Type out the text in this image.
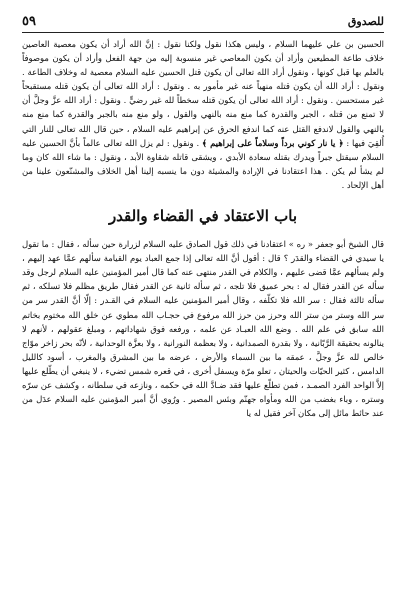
للصدوق
٥٩

الحسين بن علي عليهما السلام ، وليس هكذا نقول ولكنا نقول : إنَّ الله أراد أن يكون معصية العاصين خلاف طاعة المطيعين وأراد أن يكون المعاصي غير منسوبة إليه من جهة الفعل وأراد أن يكون موصوفاً بالعلم بها قبل كونها ، ونقول أراد الله تعالى أن يكون قتل الحسين عليه السلام معصية له وخلاف الطاعة . ونقول : أراد الله أن يكون قتله منهياً عنه غير مأمور به . ونقول : أراد الله تعالى أن يكون قتله مستقبحاً غير مستحسن . ونقول : أراد الله تعالى أن يكون قتله سخطاً لله غير رضيٍّ . ونقول : أراد الله عزَّ وجلَّ أن لا تمنع من قتله ، الجبر والقدرة كما منع منه بالنهي والقول ، ولو منع منه بالجبر والقدرة كما منع منه بالنهي والقول لاندفع القتل عنه كما اندفع الحرق عن إبراهيم عليه السلام ، حين قال الله تعالى للنار التي أُلقِيَ فيها : ﴿ يا نار كوني برداً وسلاماً على إبراهيم ﴾ . ونقول : لم يزل الله تعالى عالماً بأنَّ الحسين عليه السلام سيقتل جبراً ويدرك بقتله سعادة الأبدي ، ويشقى قاتله شقاوة الأبد ، ونقول : ما شاء الله كان وما لم يشأ لم يكن . هذا اعتقادنا في الإرادة والمشيئة دون ما ينسبه إلينا أهل الخلاف والمشنّعون علينا من أهل الإلحاد .

باب الاعتقاد في القضاء والقدر

قال الشيخ أبو جعفر « ره » اعتقادنا في ذلك قول الصادق عليه السلام لزرارة حين سأله ، فقال : ما تقول يا سيدي في القضاء والقدَر ؟ قال : أقول أنَّ الله تعالى إذا جمع العباد يوم القيامة سألهم عمَّا عهد إليهم ، ولم يسألهم عمَّا قضى عليهم ، والكلام في القدر منتهى عنه كما قال أمير المؤمنين عليه السلام لرجل وقد سأله عن القدر فقال له : بحر عميق فلا تلجه ، ثم سأله ثانية عن القدر فقال طريق مظلم فلا تسلكه ، ثم سأله ثالثة فقال : سر الله فلا تكلّفه ، وقال أمير المؤمنين عليه السلام في القـدر : إلّا أنَّ القدر سر من سر الله وستر من ستر الله وحرز من حرز الله مرفوع في حجـاب الله مطوي عن خلق الله مختوم بخاتم الله سابق في علم الله . وضع الله العبـاد عن علمه ، ورفعه فوق شهاداتهم ، ومبلغ عقولهم ، لأنهم لا ينالونه بحقيقة الرَّبّانية ، ولا بقدرة الصمدانية ، ولا بعظمة النورانية ، ولا بعزَّة الوحدانية ، لأنّه بحر زاخر موّاج خالص لله عزَّ وجلَّ ، عمقه ما بين السماء والأرض ، عرضه ما بين المشرق والمغرب ، أسود كالليل الدامس ، كثير الحيّات والحيتان ، تعلو مرّة ويسفل أخرى ، في قعره شمس تضيء ، لا ينبغي أن يطّلع عليها إلاَّ الواحد الفرد الصمـد ، فمن تطلّع عليها فقد ضـادَّ الله في حكمه ، ونازعه في سلطانه ، وكشف عن سرّه وستره ، وباء بغضب من الله ومأواه جهنّم وبئس المصير . ورُوي أنَّ أمير المؤمنين عليه السلام عدَل من عند حائط مائل إلى مكان آخر فقيل له يا
